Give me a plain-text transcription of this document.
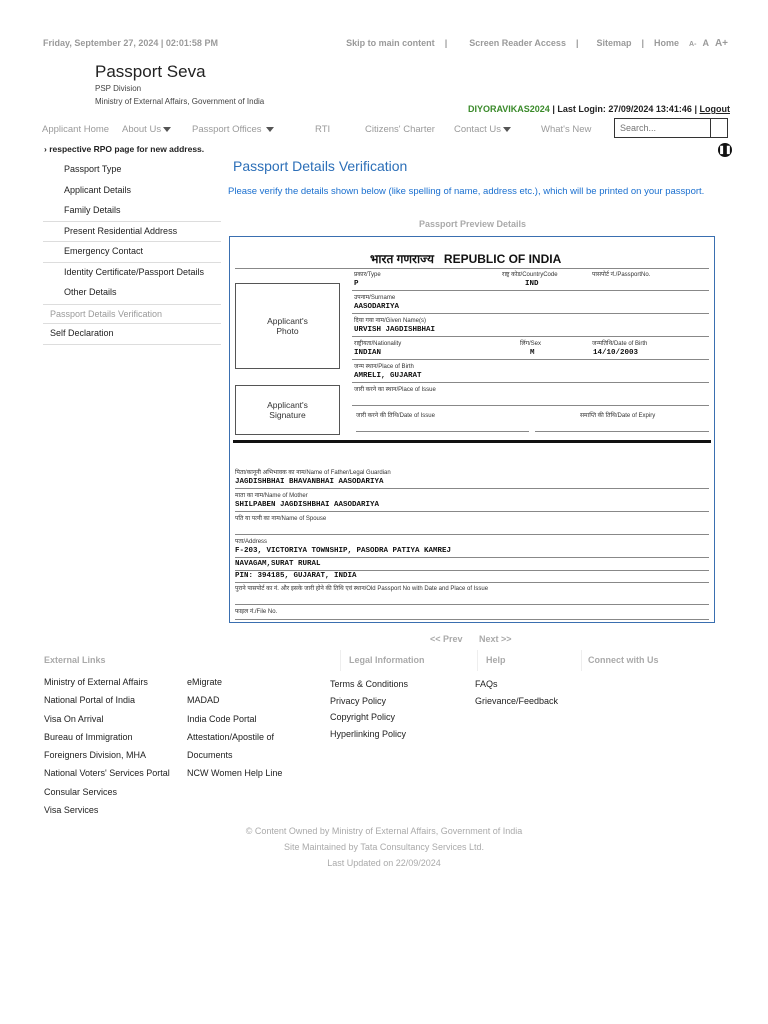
Friday, September 27, 2024 | 02:01:58 PM	Skip to main content | Screen Reader Access | Sitemap | Home A- A A+
Passport Seva
PSP Division
Ministry of External Affairs, Government of India
DIYORAVIKAS2024 | Last Login: 27/09/2024 13:41:46 | Logout
Applicant Home About Us	Passport Offices	RTI	Citizens' Charter Contact Us	What's New
Search...
› respective RPO page for new address.	❚❚
Passport Type
Applicant Details
Family Details
Present Residential Address
Emergency Contact
Identity Certificate/Passport Details
Other Details
Passport Details Verification
Self Declaration
Passport Details Verification
Please verify the details shown below (like spelling of name, address etc.), which will be printed on your passport.
Passport Preview Details
भारत गणराज्य REPUBLIC OF INDIA
Applicant's Photo
Applicant's Signature
प्रकार/Type	राष्ट्र कोड/CountryCode	पासपोर्ट नं./PassportNo.
P	IND
उपनाम/Surname
AASODARIYA
दिया गया नाम/Given Name(s)
URVISH JAGDISHBHAI
राष्ट्रीयता/Nationality	लिंग/Sex	जन्मतिथि/Date of Birth
INDIAN	M	14/10/2003
जन्म स्थान/Place of Birth
AMRELI, GUJARAT
जारी करने का स्थान/Place of Issue
जारी करने की तिथि/Date of Issue	समाप्ति की तिथि/Date of Expiry
पिता/कानूनी अभिभावक का नाम/Name of Father/Legal Guardian
JAGDISHBHAI BHAVANBHAI AASODARIYA
माता का नाम/Name of Mother
SHILPABEN JAGDISHBHAI AASODARIYA
पति या पत्नी का नाम/Name of Spouse
पता/Address
F-203, VICTORIYA TOWNSHIP, PASODRA PATIYA KAMREJ
NAVAGAM,SURAT RURAL
PIN: 394185, GUJARAT, INDIA
पुराने पासपोर्ट का नं. और इसके जारी होने की तिथि एवं स्थान/Old Passport No with Date and Place of Issue
फाइल नं./File No.
<< Prev Next >>
External Links	Legal Information	Help	Connect with Us
Ministry of External Affairs
National Portal of India
Visa On Arrival
Bureau of Immigration
Foreigners Division, MHA
National Voters' Services Portal
Consular Services
Visa Services
eMigrate
MADAD
India Code Portal
Attestation/Apostile of
Documents
NCW Women Help Line
Terms & Conditions
Privacy Policy
Copyright Policy
Hyperlinking Policy
FAQs
Grievance/Feedback
© Content Owned by Ministry of External Affairs, Government of India
Site Maintained by Tata Consultancy Services Ltd.
Last Updated on 22/09/2024
